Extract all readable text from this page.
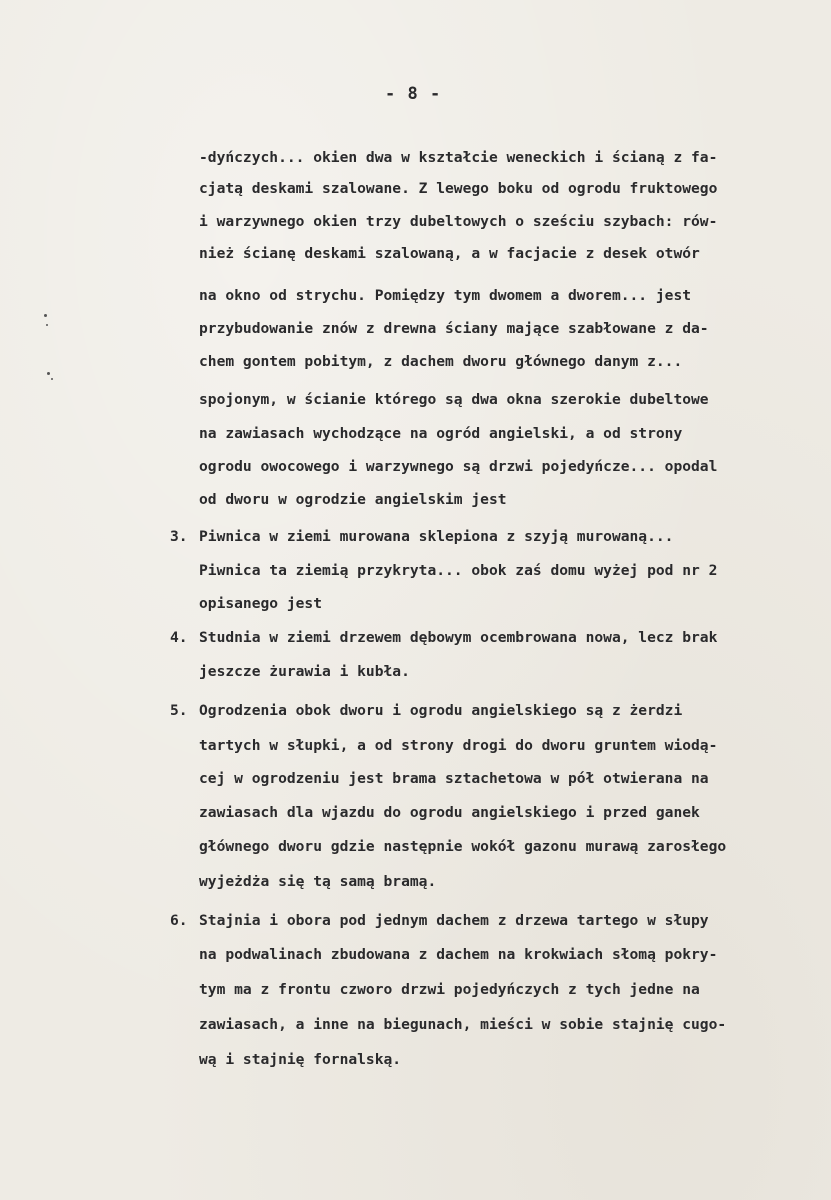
- 8 -
-dyńczych... okien dwa w kształcie weneckich i ścianą z fa-
cjatą deskami szalowane. Z lewego boku od ogrodu fruktowego
i warzywnego okien trzy dubeltowych o sześciu szybach: rów-
nież ścianę deskami szalowaną, a w facjacie z desek otwór
na okno od strychu. Pomiędzy tym dwomem a dworem... jest
przybudowanie znów z drewna ściany mające szabłowane z da-
chem gontem pobitym, z dachem dworu głównego danym z...
spojonym, w ścianie którego są dwa okna szerokie dubeltowe
na zawiasach wychodzące na ogród angielski, a od strony
ogrodu owocowego i warzywnego są drzwi pojedyńcze... opodal
od dworu w ogrodzie angielskim jest
3. Piwnica w ziemi murowana sklepiona z szyją murowaną...
Piwnica ta ziemią przykryta... obok zaś domu wyżej pod nr 2
opisanego jest
4. Studnia w ziemi drzewem dębowym ocembrowana nowa, lecz brak
jeszcze żurawia i kubła.
5. Ogrodzenia obok dworu i ogrodu angielskiego są z żerdzi
tartych w słupki, a od strony drogi do dworu gruntem wiodą-
cej w ogrodzeniu jest brama sztachetowa w pół otwierana na
zawiasach dla wjazdu do ogrodu angielskiego i przed ganek
głównego dworu gdzie następnie wokół gazonu murawą zarosłego
wyjeżdża się tą samą bramą.
6. Stajnia i obora pod jednym dachem z drzewa tartego w słupy
na podwalinach zbudowana z dachem na krokwiach słomą pokry-
tym ma z frontu czworo drzwi pojedyńczych z tych jedne na
zawiasach, a inne na biegunach, mieści w sobie stajnię cugo-
wą i stajnię fornalską.
